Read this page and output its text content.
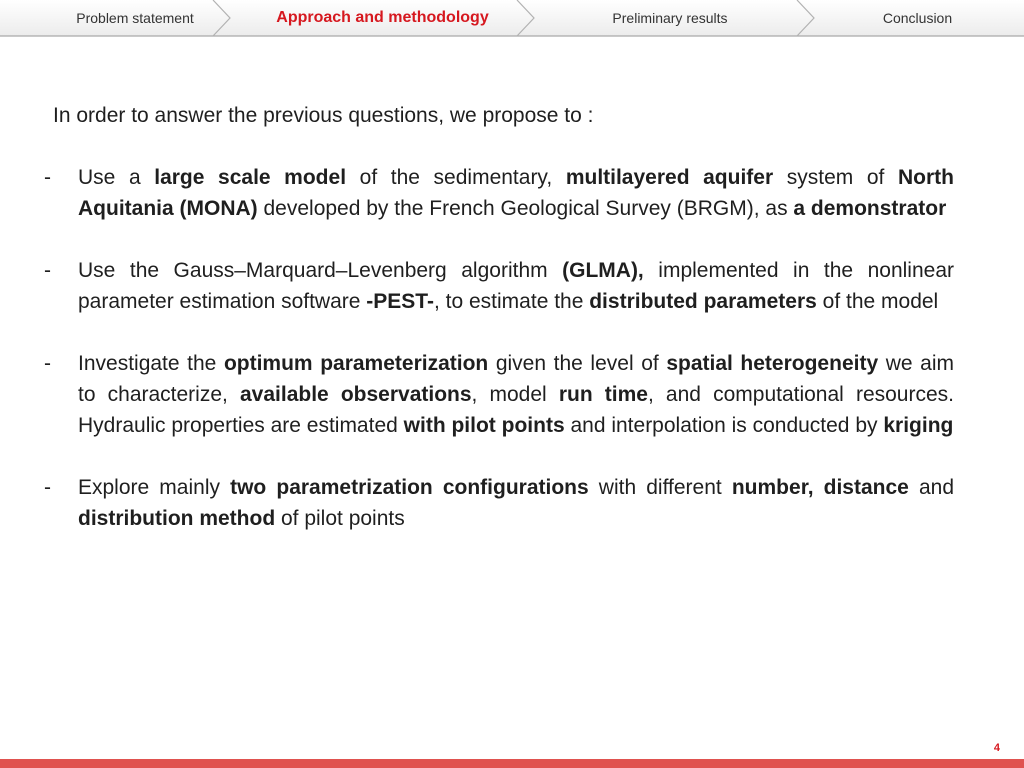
Problem statement	Approach and methodology	Preliminary results	Conclusion

In order to answer the previous questions, we propose to :

- Use a large scale model of the sedimentary, multilayered aquifer system of North Aquitania (MONA) developed by the French Geological Survey (BRGM), as a demonstrator
- Use the Gauss–Marquard–Levenberg algorithm (GLMA), implemented in the nonlinear parameter estimation software -PEST-, to estimate the distributed parameters of the model
- Investigate the optimum parameterization given the level of spatial heterogeneity we aim to characterize, available observations, model run time, and computational resources. Hydraulic properties are estimated with pilot points and interpolation is conducted by kriging
- Explore mainly two parametrization configurations with different number, distance and distribution method of pilot points
4
